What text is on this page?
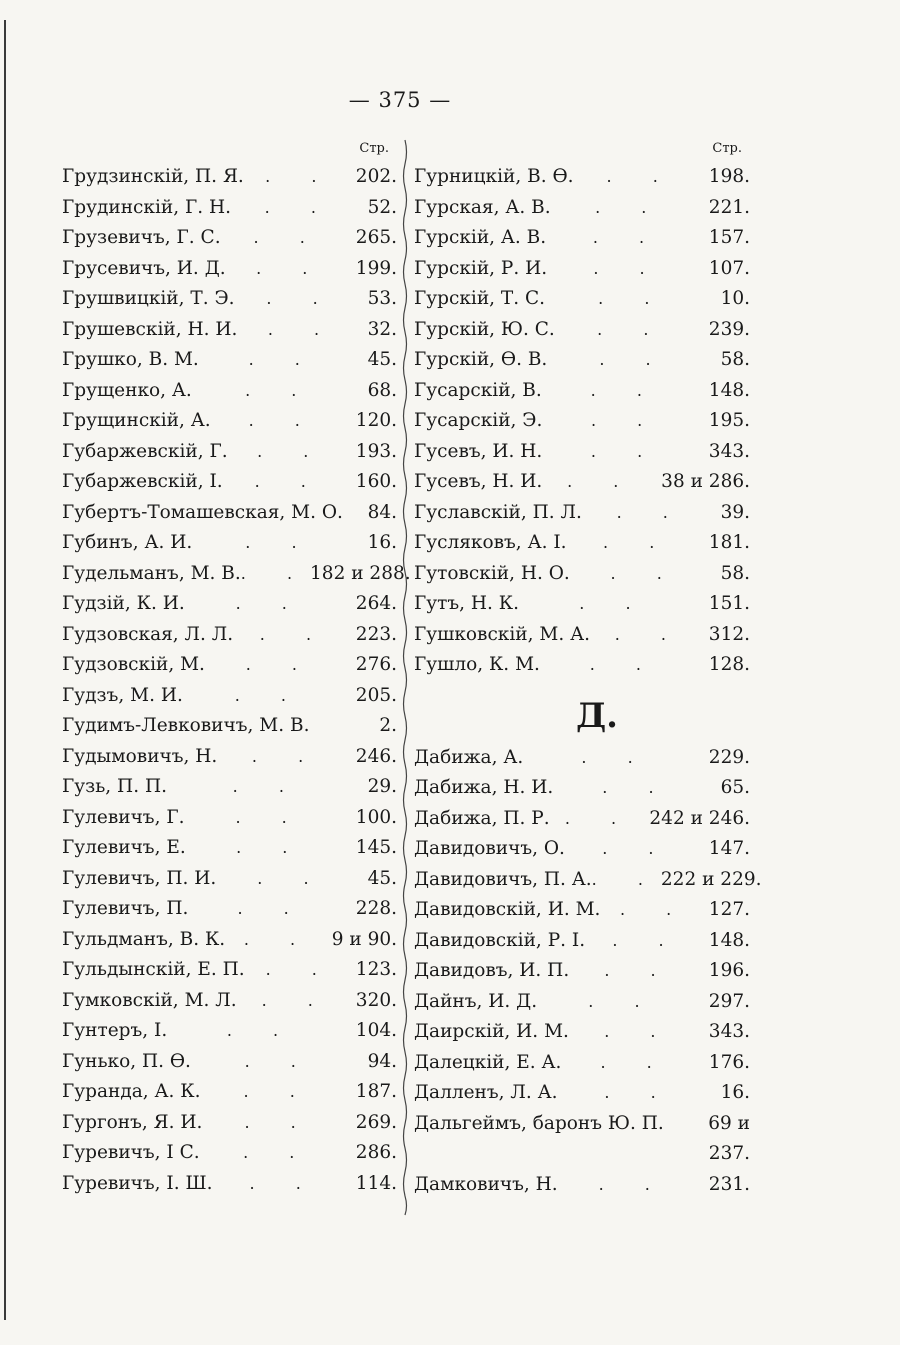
— 375 —
Стр.
Грудзинскій, П. Я.	. .	202.
Грудинскій, Г. Н.	. .	52.
Грузевичъ, Г. С.	. .	265.
Грусевичъ, И. Д.	. .	199.
Грушвицкій, Т. Э.	. .	53.
Грушевскій, Н. И.	. .	32.
Грушко, В. М.	. .	45.
Грущенко, А.	. .	68.
Грущинскій, А.	. .	120.
Губаржевскій, Г.	. .	193.
Губаржевскій, I.	. .	160.
Губертъ-Томашевская, М. О.	84.
Губинъ, А. И.	. .	16.
Гудельманъ, М. В. . . 182 и 288.
Гудзій, К. И.	. .	264.
Гудзовская, Л. Л.	. .	223.
Гудзовскій, М.	. .	276.
Гудзъ, М. И.	. .	205.
Гудимъ-Левковичъ, М. В.	2.
Гудымовичъ, Н.	. .	246.
Гузь, П. П.	. .	29.
Гулевичъ, Г.	. .	100.
Гулевичъ, Е.	. .	145.
Гулевичъ, П. И.	. .	45.
Гулевичъ, П.	. .	228.
Гульдманъ, В. К.	. .	9 и 90.
Гульдынскій, Е. П.	. .	123.
Гумковскій, М. Л.	. .	320.
Гунтеръ, I.	. .	104.
Гунько, П. Ѳ.	. .	94.
Гуранда, А. К.	. .	187.
Гургонъ, Я. И.	. .	269.
Гуревичъ, I С.	. .	286.
Гуревичъ, I. Ш.	. .	114.
Стр.
Гурницкій, В. Ѳ.	. .	198.
Гурская, А. В.	. .	221.
Гурскій, А. В.	. .	157.
Гурскій, Р. И.	. .	107.
Гурскій, Т. С.	. .	10.
Гурскій, Ю. С.	. .	239.
Гурскій, Ѳ. В.	. .	58.
Гусарскій, В.	. .	148.
Гусарскій, Э.	. .	195.
Гусевъ, И. Н.	. .	343.
Гусевъ, Н. И.	. .	38 и 286.
Гуславскій, П. Л.	. .	39.
Гусляковъ, А. I.	. .	181.
Гутовскій, Н. О.	. .	58.
Гутъ, Н. К.	. .	151.
Гушковскій, М. А.	. .	312.
Гушло, К. М.	. .	128.
Д.
Дабижа, А.	. .	229.
Дабижа, Н. И.	. .	65.
Дабижа, П. Р. . . 242 и 246.
Давидовичъ, О.	. .	147.
Давидовичъ, П. А. . . 222 и 229.
Давидовскій, И. М.	. .	127.
Давидовскій, Р. I.	. .	148.
Давидовъ, И. П.	. .	196.
Дайнъ, И. Д.	. .	297.
Даирскій, И. М.	. .	343.
Далецкій, Е. А.	. .	176.
Далленъ, Л. А.	. .	16.
Дальгеймъ, баронъ Ю. П.	69 и
237.
Дамковичъ, Н.	. .	231.
